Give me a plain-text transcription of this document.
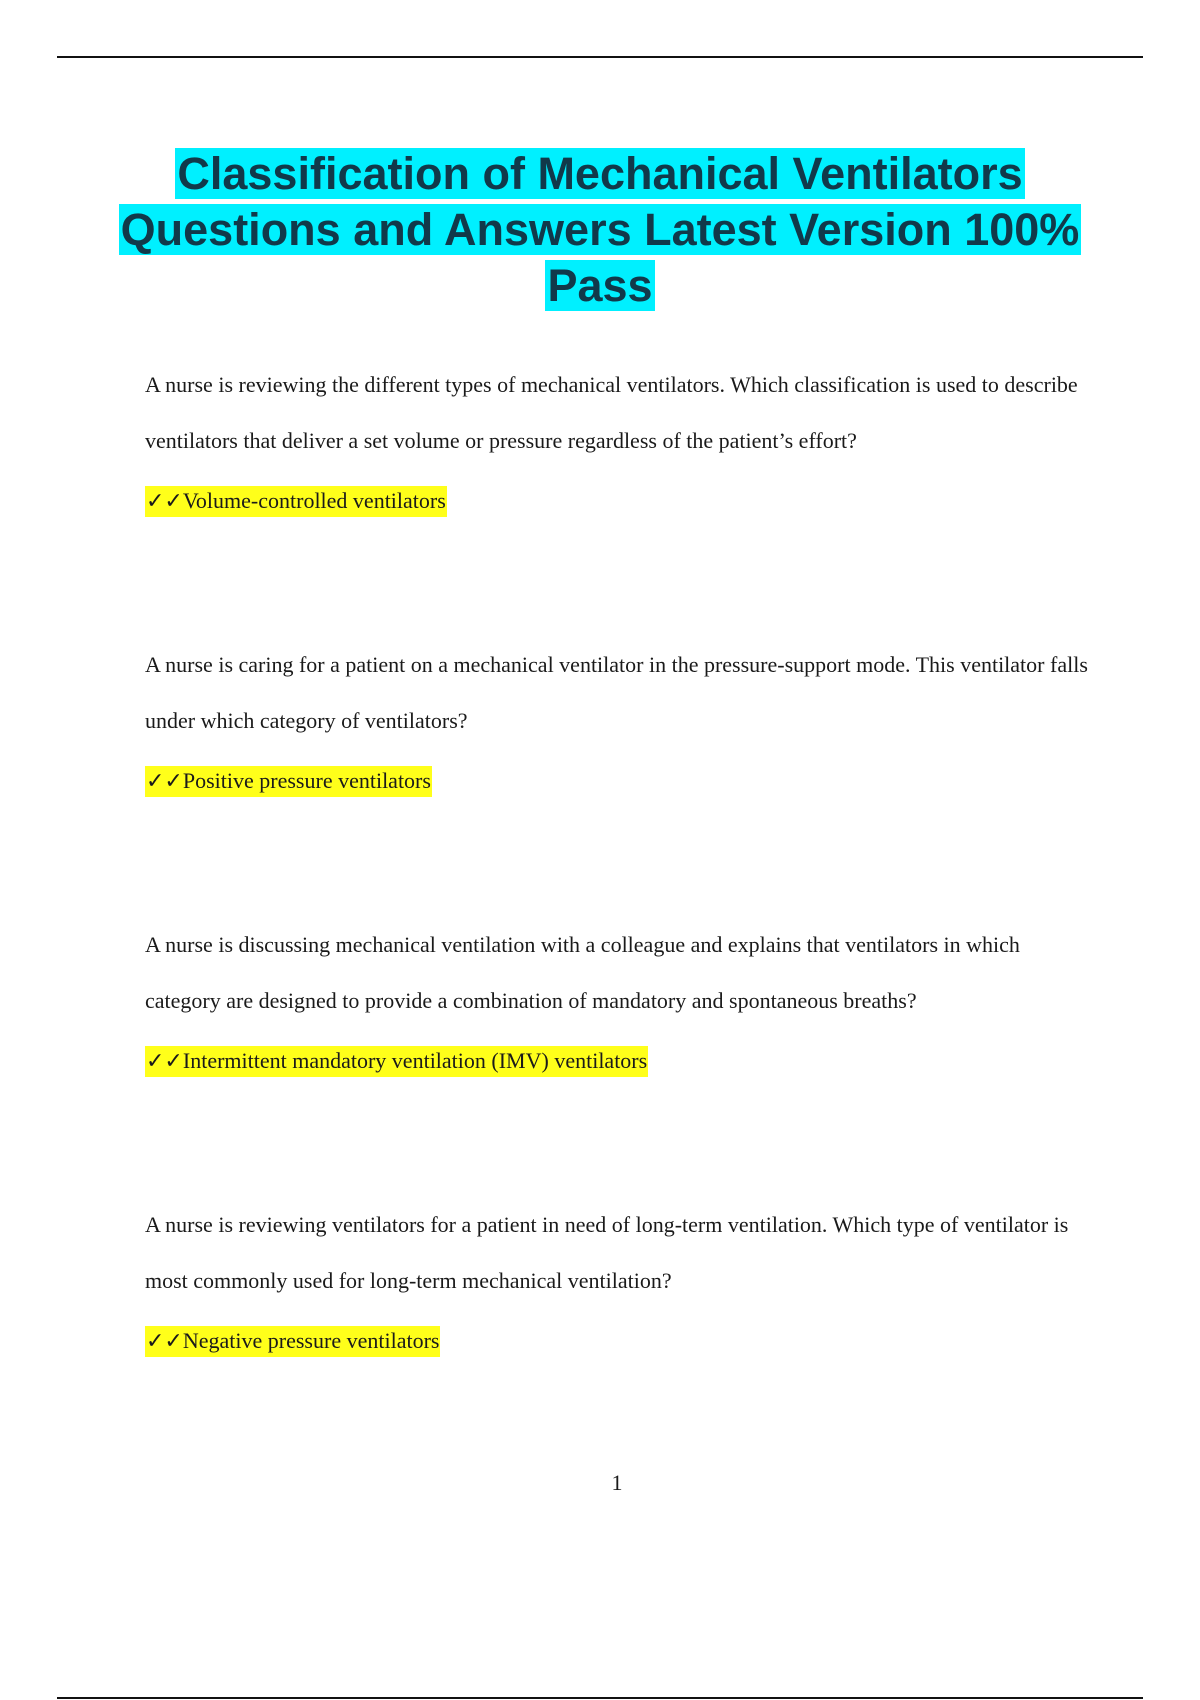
Classification of Mechanical Ventilators Questions and Answers Latest Version 100% Pass

A nurse is reviewing the different types of mechanical ventilators. Which classification is used to describe ventilators that deliver a set volume or pressure regardless of the patient’s effort?

✓✓Volume-controlled ventilators

A nurse is caring for a patient on a mechanical ventilator in the pressure-support mode. This ventilator falls under which category of ventilators?

✓✓Positive pressure ventilators

A nurse is discussing mechanical ventilation with a colleague and explains that ventilators in which category are designed to provide a combination of mandatory and spontaneous breaths?

✓✓Intermittent mandatory ventilation (IMV) ventilators

A nurse is reviewing ventilators for a patient in need of long-term ventilation. Which type of ventilator is most commonly used for long-term mechanical ventilation?

✓✓Negative pressure ventilators

1
